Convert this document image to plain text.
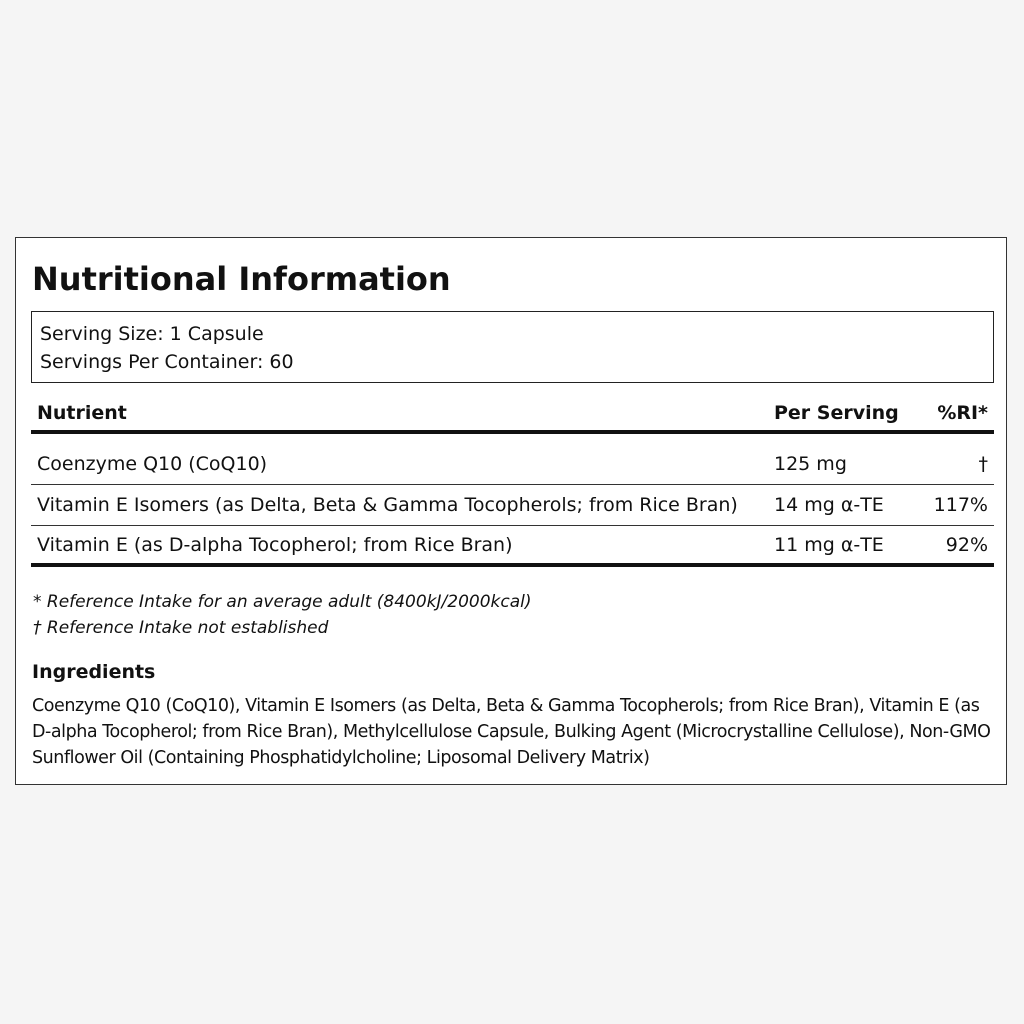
Nutritional Information
Serving Size: 1 Capsule
Servings Per Container: 60
Nutrient	Per Serving	%RI*
Coenzyme Q10 (CoQ10)	125 mg	†
Vitamin E Isomers (as Delta, Beta & Gamma Tocopherols; from Rice Bran)	14 mg α-TE	117%
Vitamin E (as D-alpha Tocopherol; from Rice Bran)	11 mg α-TE	92%
* Reference Intake for an average adult (8400kJ/2000kcal)
† Reference Intake not established
Ingredients

Coenzyme Q10 (CoQ10), Vitamin E Isomers (as Delta, Beta & Gamma Tocopherols; from Rice Bran), Vitamin E (as D-alpha Tocopherol; from Rice Bran), Methylcellulose Capsule, Bulking Agent (Microcrystalline Cellulose), Non-GMO Sunflower Oil (Containing Phosphatidylcholine; Liposomal Delivery Matrix)
